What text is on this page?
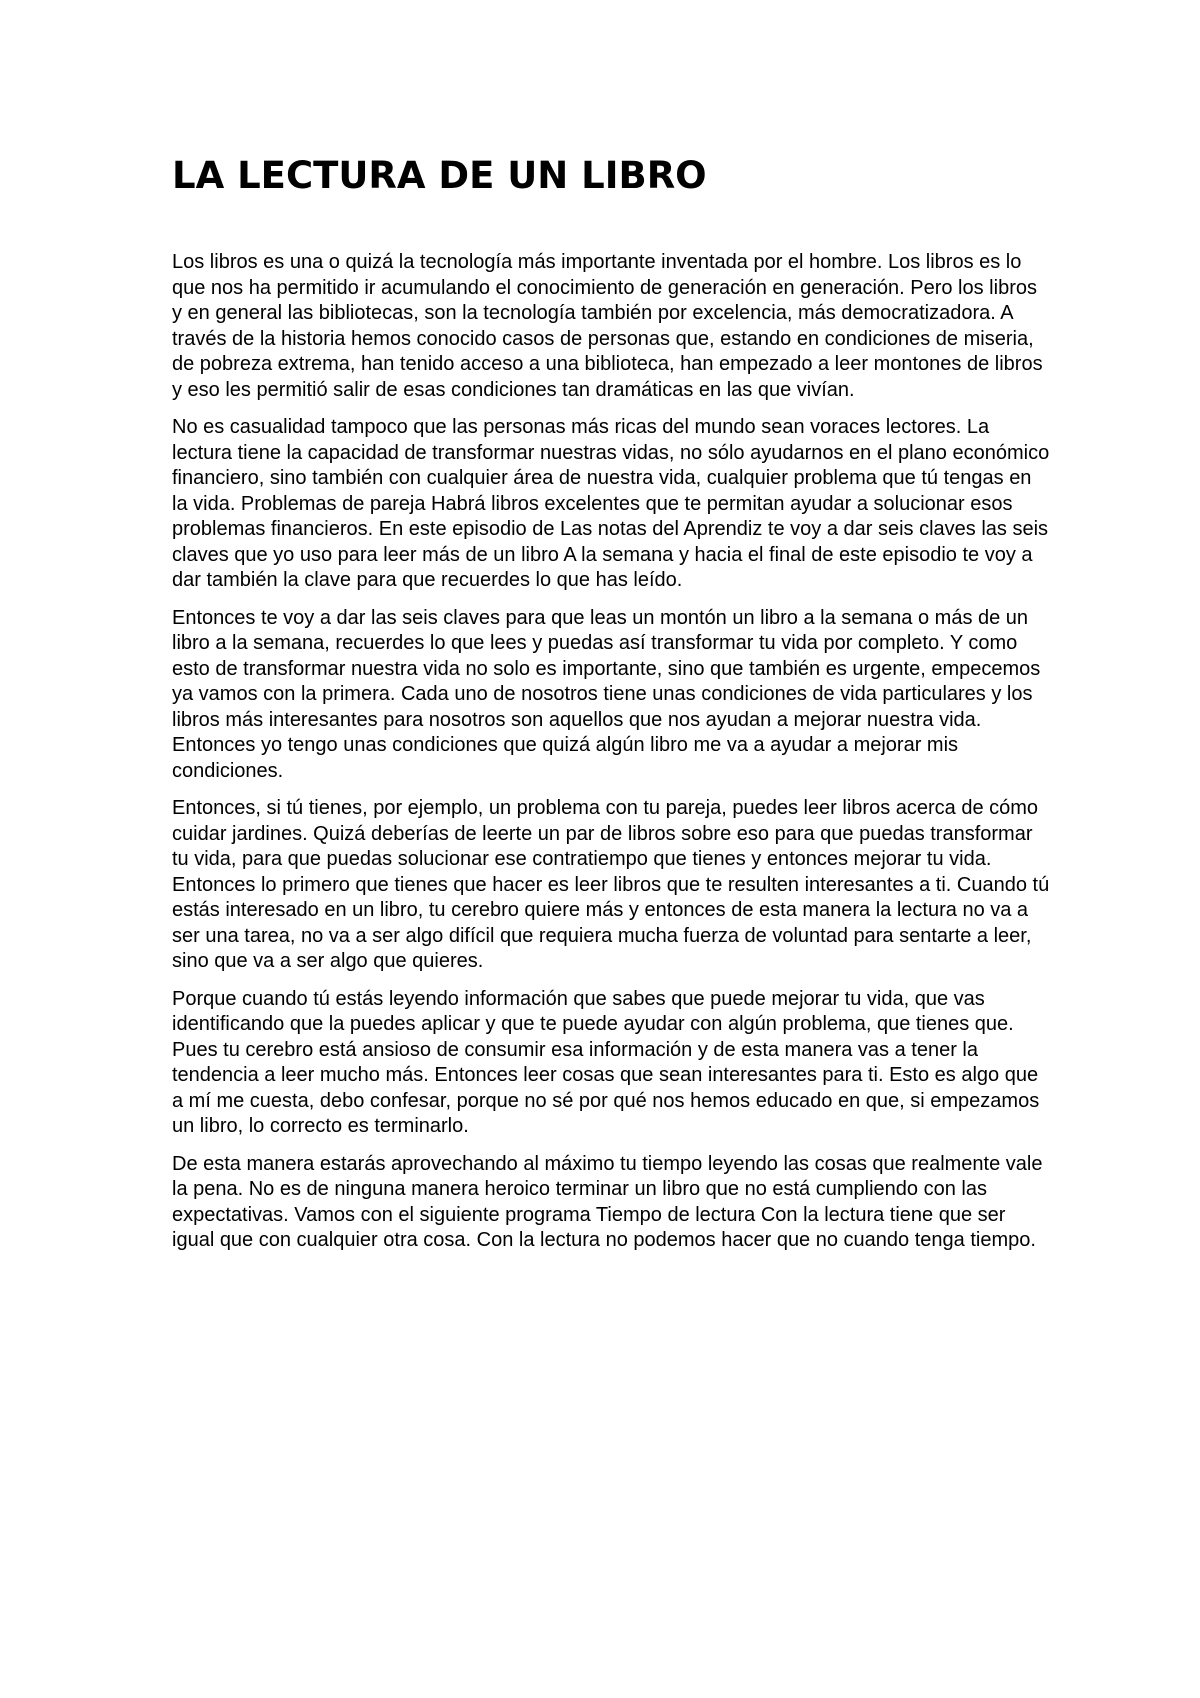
LA LECTURA DE UN LIBRO

Los libros es una o quizá la tecnología más importante inventada por el hombre. Los libros es lo que nos ha permitido ir acumulando el conocimiento de generación en generación. Pero los libros y en general las bibliotecas, son la tecnología también por excelencia, más democratizadora. A través de la historia hemos conocido casos de personas que, estando en condiciones de miseria, de pobreza extrema, han tenido acceso a una biblioteca, han empezado a leer montones de libros y eso les permitió salir de esas condiciones tan dramáticas en las que vivían.

No es casualidad tampoco que las personas más ricas del mundo sean voraces lectores. La lectura tiene la capacidad de transformar nuestras vidas, no sólo ayudarnos en el plano económico financiero, sino también con cualquier área de nuestra vida, cualquier problema que tú tengas en la vida. Problemas de pareja Habrá libros excelentes que te permitan ayudar a solucionar esos problemas financieros. En este episodio de Las notas del Aprendiz te voy a dar seis claves las seis claves que yo uso para leer más de un libro A la semana y hacia el final de este episodio te voy a dar también la clave para que recuerdes lo que has leído.

Entonces te voy a dar las seis claves para que leas un montón un libro a la semana o más de un libro a la semana, recuerdes lo que lees y puedas así transformar tu vida por completo. Y como esto de transformar nuestra vida no solo es importante, sino que también es urgente, empecemos ya vamos con la primera. Cada uno de nosotros tiene unas condiciones de vida particulares y los libros más interesantes para nosotros son aquellos que nos ayudan a mejorar nuestra vida. Entonces yo tengo unas condiciones que quizá algún libro me va a ayudar a mejorar mis condiciones.

Entonces, si tú tienes, por ejemplo, un problema con tu pareja, puedes leer libros acerca de cómo cuidar jardines. Quizá deberías de leerte un par de libros sobre eso para que puedas transformar tu vida, para que puedas solucionar ese contratiempo que tienes y entonces mejorar tu vida. Entonces lo primero que tienes que hacer es leer libros que te resulten interesantes a ti. Cuando tú estás interesado en un libro, tu cerebro quiere más y entonces de esta manera la lectura no va a ser una tarea, no va a ser algo difícil que requiera mucha fuerza de voluntad para sentarte a leer, sino que va a ser algo que quieres.

Porque cuando tú estás leyendo información que sabes que puede mejorar tu vida, que vas identificando que la puedes aplicar y que te puede ayudar con algún problema, que tienes que. Pues tu cerebro está ansioso de consumir esa información y de esta manera vas a tener la tendencia a leer mucho más. Entonces leer cosas que sean interesantes para ti. Esto es algo que a mí me cuesta, debo confesar, porque no sé por qué nos hemos educado en que, si empezamos un libro, lo correcto es terminarlo.

De esta manera estarás aprovechando al máximo tu tiempo leyendo las cosas que realmente vale la pena. No es de ninguna manera heroico terminar un libro que no está cumpliendo con las expectativas. Vamos con el siguiente programa Tiempo de lectura Con la lectura tiene que ser igual que con cualquier otra cosa. Con la lectura no podemos hacer que no cuando tenga tiempo.
